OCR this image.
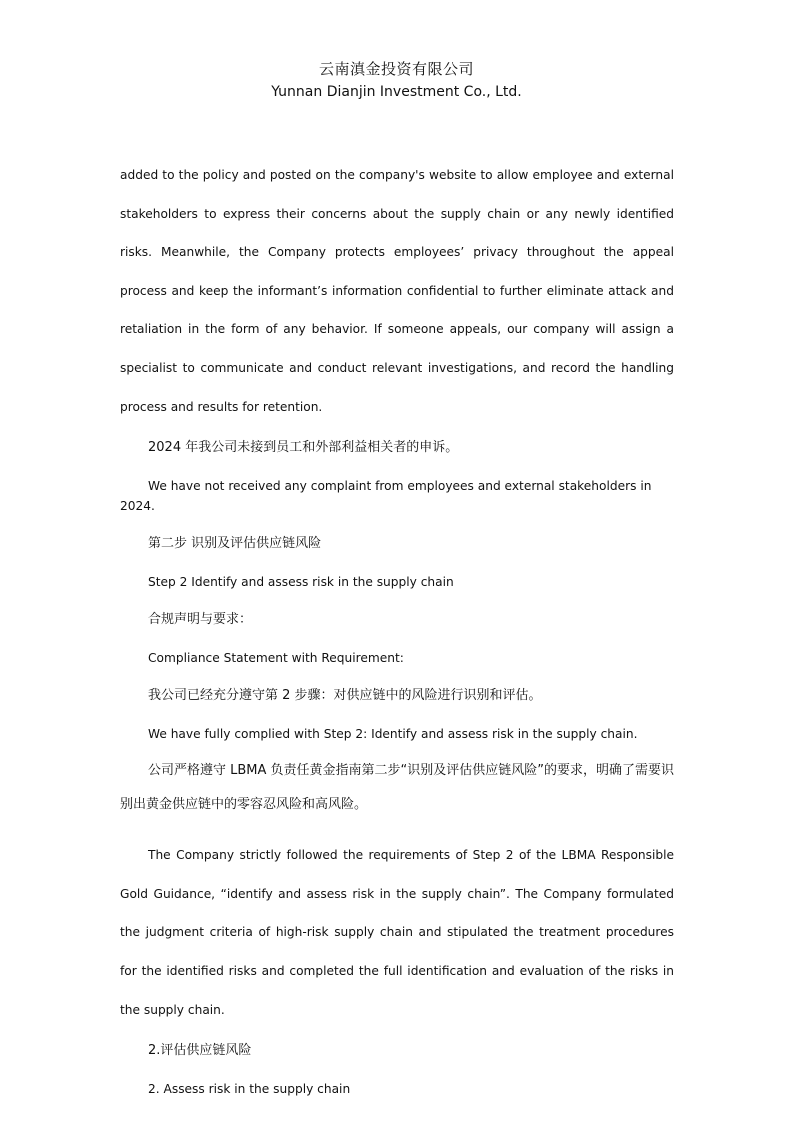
云南滇金投资有限公司
Yunnan Dianjin Investment Co., Ltd.

added to the policy and posted on the company's website to allow employee and external stakeholders to express their concerns about the supply chain or any newly identified risks. Meanwhile, the Company protects employees’ privacy throughout the appeal process and keep the informant’s information confidential to further eliminate attack and retaliation in the form of any behavior. If someone appeals, our company will assign a specialist to communicate and conduct relevant investigations, and record the handling process and results for retention.

2024 年我公司未接到员工和外部利益相关者的申诉。

We have not received any complaint from employees and external stakeholders in 2024.

第二步 识别及评估供应链风险

Step 2 Identify and assess risk in the supply chain

合规声明与要求：

Compliance Statement with Requirement:

我公司已经充分遵守第 2 步骤：对供应链中的风险进行识别和评估。

We have fully complied with Step 2: Identify and assess risk in the supply chain.

公司严格遵守 LBMA 负责任黄金指南第二步“识别及评估供应链风险”的要求，明确了需要识别出黄金供应链中的零容忍风险和高风险。

The Company strictly followed the requirements of Step 2 of the LBMA Responsible Gold Guidance, “identify and assess risk in the supply chain”. The Company formulated the judgment criteria of high-risk supply chain and stipulated the treatment procedures for the identified risks and completed the full identification and evaluation of the risks in the supply chain.

2.评估供应链风险

2. Assess risk in the supply chain
